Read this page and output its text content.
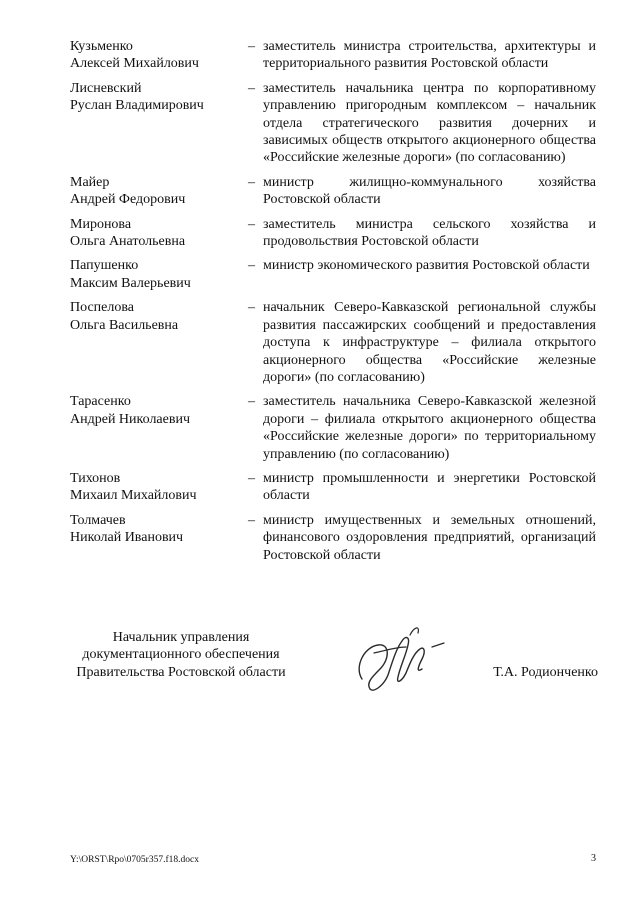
Кузьменко
Алексей Михайлович
– заместитель министра строительства, архитектуры и территориального развития Ростовской области
Лисневский
Руслан Владимирович
– заместитель начальника центра по корпоративному управлению пригородным комплексом – начальник отдела стратегического развития дочерних и зависимых обществ открытого акционерного общества «Российские железные дороги» (по согласованию)
Майер
Андрей Федорович
– министр жилищно-коммунального хозяйства Ростовской области
Миронова
Ольга Анатольевна
– заместитель министра сельского хозяйства и продовольствия Ростовской области
Папушенко
Максим Валерьевич
– министр экономического развития Ростовской области
Поспелова
Ольга Васильевна
– начальник Северо-Кавказской региональной службы развития пассажирских сообщений и предоставления доступа к инфраструктуре – филиала открытого акционерного общества «Российские железные дороги» (по согласованию)
Тарасенко
Андрей Николаевич
– заместитель начальника Северо-Кавказской железной дороги – филиала открытого акционерного общества «Российские железные дороги» по территориальному управлению (по согласованию)
Тихонов
Михаил Михайлович
– министр промышленности и энергетики Ростовской области
Толмачев
Николай Иванович
– министр имущественных и земельных отношений, финансового оздоровления предприятий, организаций Ростовской области
Начальник управления
документационного обеспечения
Правительства Ростовской области	Т.А. Родионченко
Y:\ORST\Rpo\0705r357.f18.docx	3
